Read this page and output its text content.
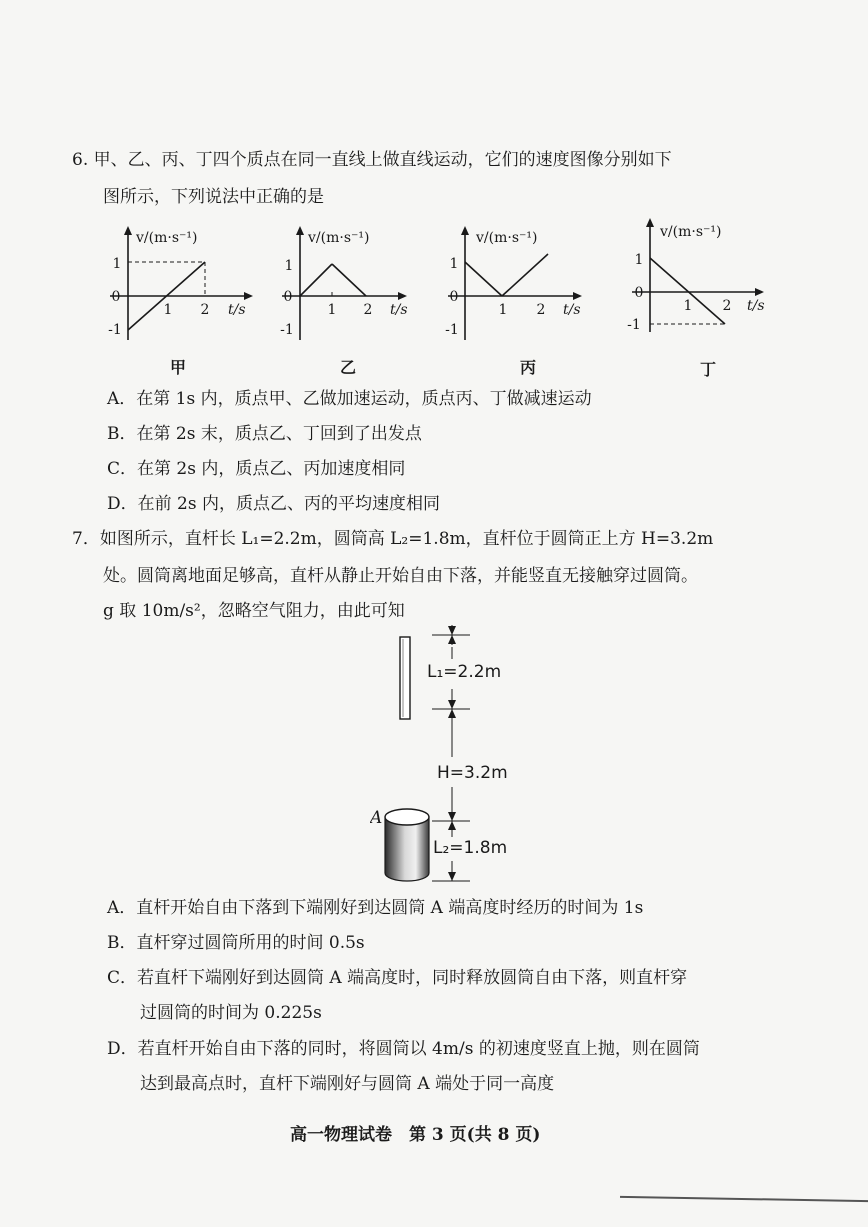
6. 甲、乙、丙、丁四个质点在同一直线上做直线运动，它们的速度图像分别如下
图所示，下列说法中正确的是
v/(m·s⁻¹)
1
0
-1
1 2 t/s
甲
v/(m·s⁻¹)
1
0
-1
1 2 t/s
乙
v/(m·s⁻¹)
1
0
-1
1 2 t/s
丙
v/(m·s⁻¹)
1
0
-1
1 2 t/s
丁
A．在第 1s 内，质点甲、乙做加速运动，质点丙、丁做减速运动
B．在第 2s 末，质点乙、丁回到了出发点
C．在第 2s 内，质点乙、丙加速度相同
D．在前 2s 内，质点乙、丙的平均速度相同
7．如图所示，直杆长 L₁=2.2m，圆筒高 L₂=1.8m，直杆位于圆筒正上方 H=3.2m
处。圆筒离地面足够高，直杆从静止开始自由下落，并能竖直无接触穿过圆筒。
g 取 10m/s²，忽略空气阻力，由此可知
L₁=2.2m
H=3.2m
A
L₂=1.8m
A．直杆开始自由下落到下端刚好到达圆筒 A 端高度时经历的时间为 1s
B．直杆穿过圆筒所用的时间 0.5s
C．若直杆下端刚好到达圆筒 A 端高度时，同时释放圆筒自由下落，则直杆穿
过圆筒的时间为 0.225s
D．若直杆开始自由下落的同时，将圆筒以 4m/s 的初速度竖直上抛，则在圆筒
达到最高点时，直杆下端刚好与圆筒 A 端处于同一高度
高一物理试卷　第 3 页(共 8 页)
